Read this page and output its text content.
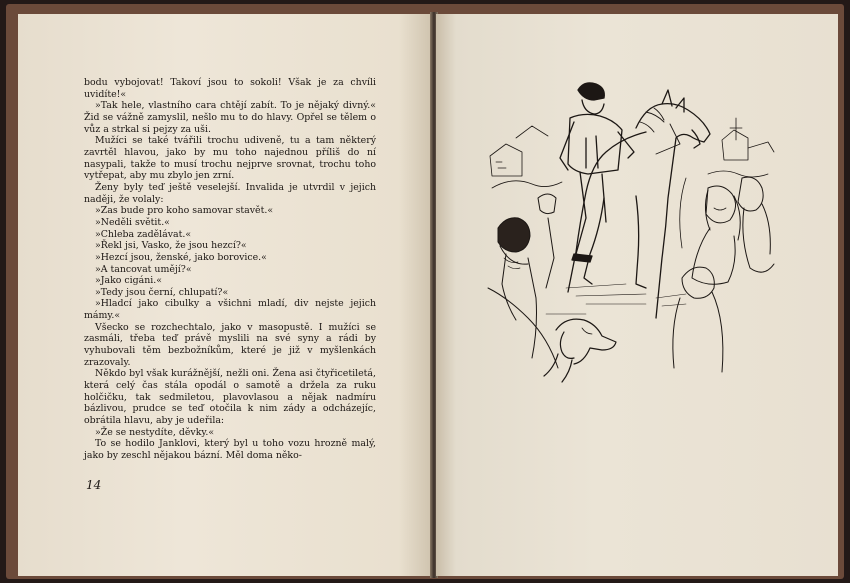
bodu vybojovat! Takoví jsou to sokoli! Však je za chvíli uvidíte!«

»Tak hele, vlastního cara chtějí zabít. To je nějaký divný.« Žid se vážně zamyslil, nešlo mu to do hlavy. Opřel se tělem o vůz a strkal si pejzy za uši.

Mužíci se také tvářili trochu udiveně, tu a tam některý zavrtěl hlavou, jako by mu toho najednou příliš do ní nasypali, takže to musí trochu nejprve srovnat, trochu toho vytřepat, aby mu zbylo jen zrní.

Ženy byly teď ještě veselejší. Invalida je utvrdil v jejich naději, že volaly:

»Zas bude pro koho samovar stavět.«

»Neděli světit.«

»Chleba zadělávat.«

»Řekl jsi, Vasko, že jsou hezcí?«

»Hezcí jsou, ženské, jako borovice.«

»A tancovat umějí?«

»Jako cigáni.«

»Tedy jsou černí, chlupatí?«

»Hladcí jako cibulky a všichni mladí, div nejste jejich mámy.«

Všecko se rozchechtalo, jako v masopustě. I mužíci se zasmáli, třeba teď právě myslili na své syny a rádi by vyhubovali těm bezbožníkům, které je již v myšlenkách zrazovaly.

Někdo byl však kurážnější, nežli oni. Žena asi čtyřicetiletá, která celý čas stála opodál o samotě a držela za ruku holčičku, tak sedmiletou, plavovlasou a nějak nadmíru bázlivou, prudce se teď otočila k nim zády a odcházejíc, obrátila hlavu, aby je udeřila:

»Že se nestydíte, děvky.«

To se hodilo Janklovi, který byl u toho vozu hrozně malý, jako by zeschl nějakou bázní. Měl doma něko-

14
